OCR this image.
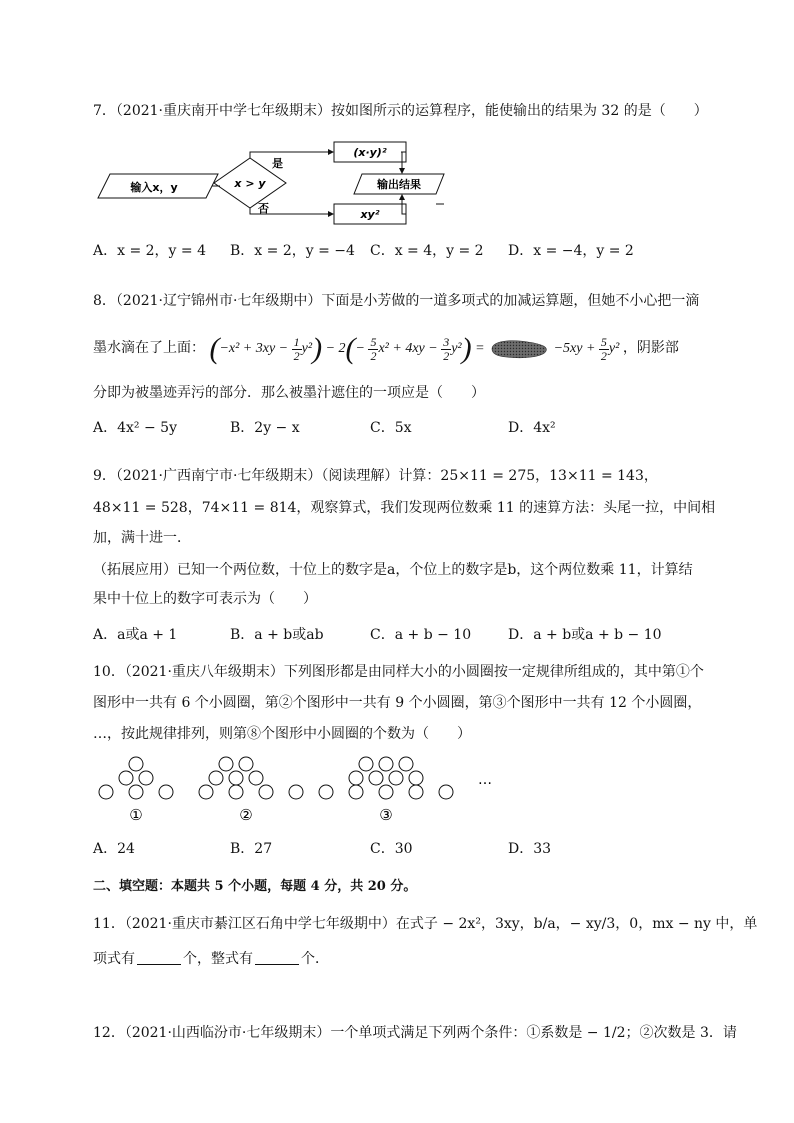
7．（2021·重庆南开中学七年级期末）按如图所示的运算程序，能使输出的结果为 32 的是（　　）
输入x，y	x > y
是
(x·y)²
否	xy²
输出结果
A．x = 2，y = 4 B．x = 2，y = −4 C．x = 4，y = 2 D．x = −4，y = 2
8．（2021·辽宁锦州市·七年级期中）下面是小芳做的一道多项式的加减运算题，但她不小心把一滴
墨水滴在了上面： $(-x^2 + 3xy - \frac{1}{2} y^2) - 2(- \frac{5}{2} x^2 + 4xy - \frac{3}{2} y^2)$ =	$-5xy + \frac{5}{2} y^2$ ，阴影部
分即为被墨迹弄污的部分．那么被墨汁遮住的一项应是（　　）
A．4x² − 5y	B．2y − x	C．5x	D．4x²
9．（2021·广西南宁市·七年级期末）（阅读理解）计算：25×11 = 275，13×11 = 143，
48×11 = 528，74×11 = 814，观察算式，我们发现两位数乘 11 的速算方法：头尾一拉，中间相
加，满十进一．
（拓展应用）已知一个两位数，十位上的数字是a，个位上的数字是b，这个两位数乘 11，计算结
果中十位上的数字可表示为（　　）
A．a或a + 1	B．a + b或ab	C．a + b − 10	D．a + b或a + b − 10
10．（2021·重庆八年级期末）下列图形都是由同样大小的小圆圈按一定规律所组成的，其中第①个
图形中一共有 6 个小圆圈，第②个图形中一共有 9 个小圆圈，第③个图形中一共有 12 个小圆圈，
…，按此规律排列，则第⑧个图形中小圆圈的个数为（　　）
①	②	③
…
A．24	B．27	C．30	D．33
二、填空题：本题共 5 个小题，每题 4 分，共 20 分。
11．（2021·重庆市綦江区石角中学七年级期中）在式子 − 2x²，3xy，b/a，− xy/3，0，mx − ny 中，单
项式有	个，整式有	个．
12．（2021·山西临汾市·七年级期末）一个单项式满足下列两个条件：①系数是 − 1/2；②次数是 3．请
